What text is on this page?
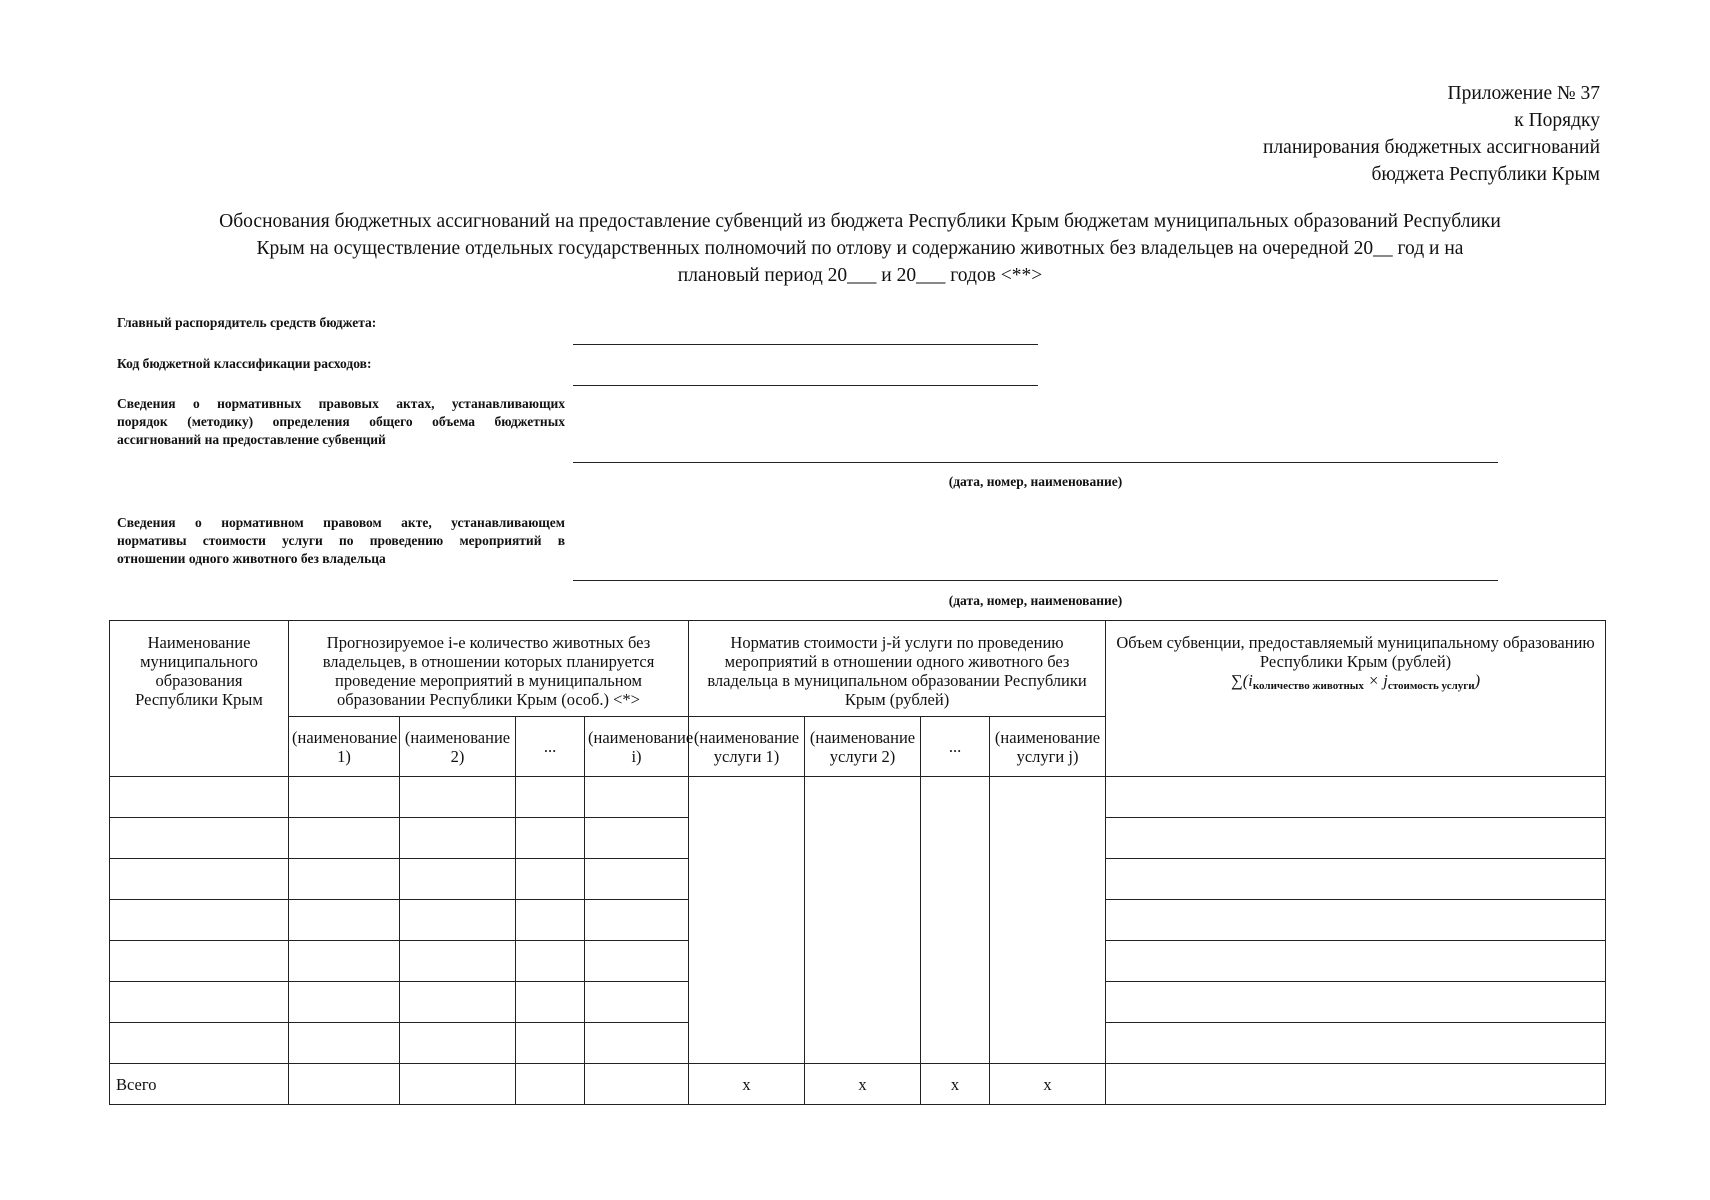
Приложение № 37
к Порядку
планирования бюджетных ассигнований
бюджета Республики Крым
Обоснования бюджетных ассигнований на предоставление субвенций из бюджета Республики Крым бюджетам муниципальных образований Республики
Крым на осуществление отдельных государственных полномочий по отлову и содержанию животных без владельцев на очередной 20__ год и на
плановый период 20___ и 20___ годов <**>
Главный распорядитель средств бюджета:
Код бюджетной классификации расходов:
Сведения о нормативных правовых актах, устанавливающих
порядок (методику) определения общего объема бюджетных
ассигнований на предоставление субвенций
(дата, номер, наименование)
Сведения о нормативном правовом акте, устанавливающем
нормативы стоимости услуги по проведению мероприятий в
отношении одного животного без владельца
(дата, номер, наименование)
Наименование муниципального образования Республики Крым	Прогнозируемое i-е количество животных без владельцев, в отношении которых планируется проведение мероприятий в муниципальном образовании Республики Крым (особ.) <*>				Норматив стоимости j-й услуги по проведению мероприятий в отношении одного животного без владельца в муниципальном образовании Республики Крым (рублей)				Объем субвенции, предоставляемый муниципальному образованию Республики Крым (рублей)
$\sum(i_{количество животных} \times j_{стоимость услуги})$

	(наименование 1)	(наименование 2)	...	(наименование i)	(наименование услуги 1)	(наименование услуги 2)	...	(наименование услуги j)	

Всего					x	x	x	x	
